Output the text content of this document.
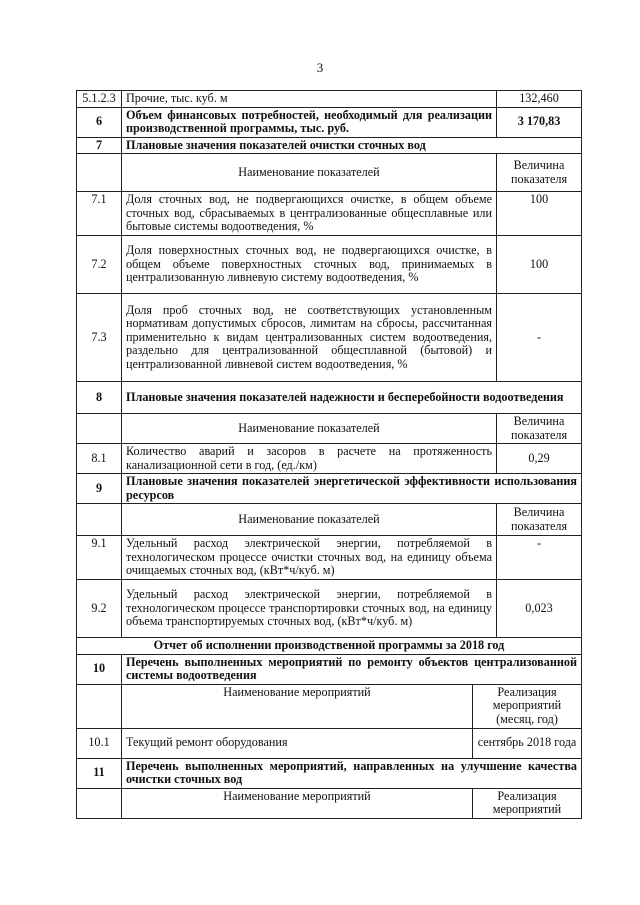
3
5.1.2.3	Прочие, тыс. куб. м		132,460
6	Объем финансовых потребностей, необходимый для реализации производственной программы, тыс. руб.		3 170,83
7	Плановые значения показателей очистки сточных вод		
	Наименование показателей		Величина показателя
7.1	Доля сточных вод, не подвергающихся очистке, в общем объеме сточных вод, сбрасываемых в централизованные общесплавные или бытовые системы водоотведения, %		100
7.2	Доля поверхностных сточных вод, не подвергающихся очистке, в общем объеме поверхностных сточных вод, принимаемых в централизованную ливневую систему водоотведения, %		100
7.3	Доля проб сточных вод, не соответствующих установленным нормативам допустимых сбросов, лимитам на сбросы, рассчитанная применительно к видам централизованных систем водоотведения, раздельно для централизованной общесплавной (бытовой) и централизованной ливневой систем водоотведения, %		-
8	Плановые значения показателей надежности и бесперебойности водоотведения		
	Наименование показателей		Величина показателя
8.1	Количество аварий и засоров в расчете на протяженность канализационной сети в год, (ед./км)		0,29
9	Плановые значения показателей энергетической эффективности использования ресурсов		
	Наименование показателей		Величина показателя
9.1	Удельный расход электрической энергии, потребляемой в технологическом процессе очистки сточных вод, на единицу объема очищаемых сточных вод, (кВт*ч/куб. м)		-
9.2	Удельный расход электрической энергии, потребляемой в технологическом процессе транспортировки сточных вод, на единицу объема транспортируемых сточных вод, (кВт*ч/куб. м)		0,023
Отчет об исполнении производственной программы за 2018 год			
10	Перечень выполненных мероприятий по ремонту объектов централизованной системы водоотведения		
	Наименование мероприятий	Реализация мероприятий (месяц, год)	
10.1	Текущий ремонт оборудования	сентябрь 2018 года	
11	Перечень выполненных мероприятий, направленных на улучшение качества очистки сточных вод		
	Наименование мероприятий	Реализация мероприятий	
